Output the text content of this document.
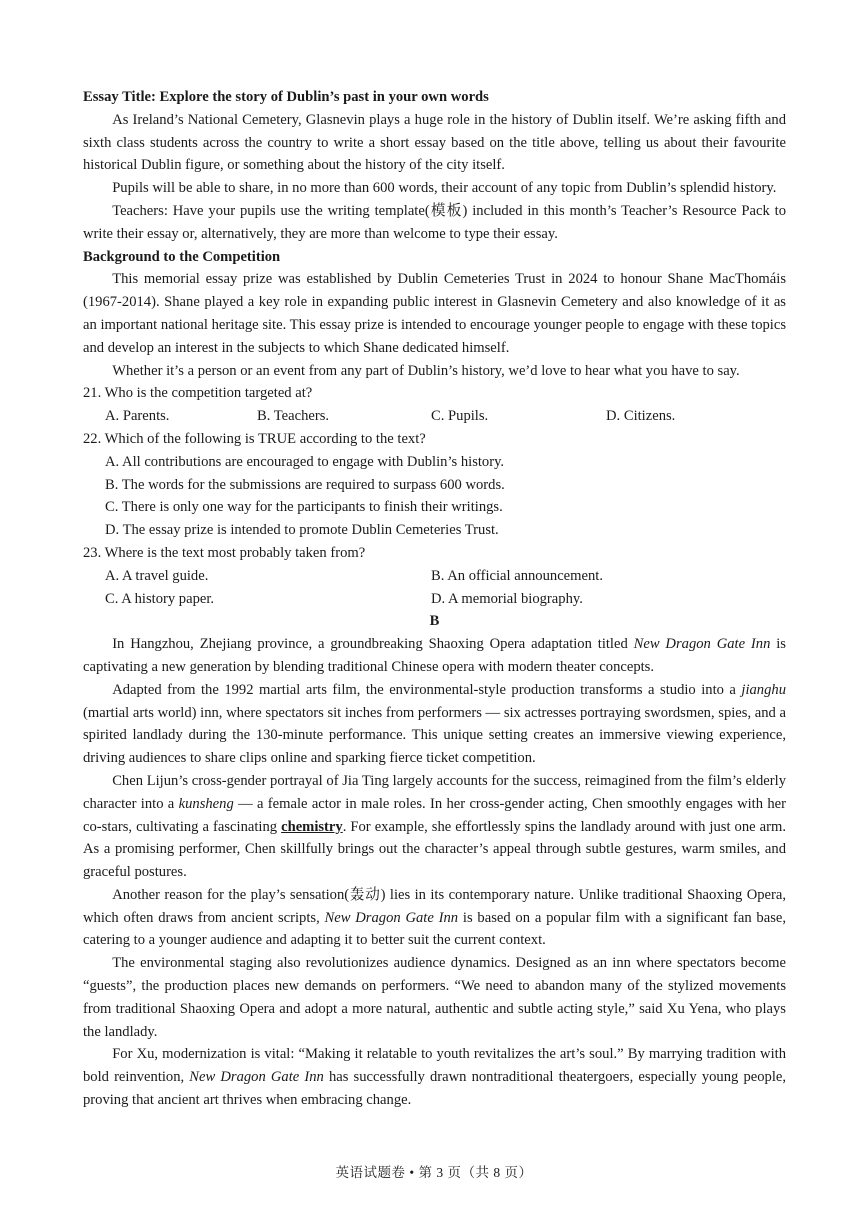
Essay Title: Explore the story of Dublin’s past in your own words

As Ireland’s National Cemetery, Glasnevin plays a huge role in the history of Dublin itself. We’re asking fifth and sixth class students across the country to write a short essay based on the title above, telling us about their favourite historical Dublin figure, or something about the history of the city itself.

Pupils will be able to share, in no more than 600 words, their account of any topic from Dublin’s splendid history.

Teachers: Have your pupils use the writing template(模板) included in this month’s Teacher’s Resource Pack to write their essay or, alternatively, they are more than welcome to type their essay.

Background to the Competition

This memorial essay prize was established by Dublin Cemeteries Trust in 2024 to honour Shane MacThomáis (1967-2014). Shane played a key role in expanding public interest in Glasnevin Cemetery and also knowledge of it as an important national heritage site. This essay prize is intended to encourage younger people to engage with these topics and develop an interest in the subjects to which Shane dedicated himself.

Whether it’s a person or an event from any part of Dublin’s history, we’d love to hear what you have to say.

21. Who is the competition targeted at?

A. Parents.	B. Teachers.	C. Pupils.	D. Citizens.

22. Which of the following is TRUE according to the text?

A. All contributions are encouraged to engage with Dublin’s history.
B. The words for the submissions are required to surpass 600 words.
C. There is only one way for the participants to finish their writings.
D. The essay prize is intended to promote Dublin Cemeteries Trust.

23. Where is the text most probably taken from?

A. A travel guide.	B. An official announcement.
C. A history paper.	D. A memorial biography.
B

In Hangzhou, Zhejiang province, a groundbreaking Shaoxing Opera adaptation titled New Dragon Gate Inn is captivating a new generation by blending traditional Chinese opera with modern theater concepts.

Adapted from the 1992 martial arts film, the environmental-style production transforms a studio into a jianghu (martial arts world) inn, where spectators sit inches from performers — six actresses portraying swordsmen, spies, and a spirited landlady during the 130-minute performance. This unique setting creates an immersive viewing experience, driving audiences to share clips online and sparking fierce ticket competition.

Chen Lijun’s cross-gender portrayal of Jia Ting largely accounts for the success, reimagined from the film’s elderly character into a kunsheng — a female actor in male roles. In her cross-gender acting, Chen smoothly engages with her co-stars, cultivating a fascinating chemistry. For example, she effortlessly spins the landlady around with just one arm. As a promising performer, Chen skillfully brings out the character’s appeal through subtle gestures, warm smiles, and graceful postures.

Another reason for the play’s sensation(轰动) lies in its contemporary nature. Unlike traditional Shaoxing Opera, which often draws from ancient scripts, New Dragon Gate Inn is based on a popular film with a significant fan base, catering to a younger audience and adapting it to better suit the current context.

The environmental staging also revolutionizes audience dynamics. Designed as an inn where spectators become “guests”, the production places new demands on performers. “We need to abandon many of the stylized movements from traditional Shaoxing Opera and adopt a more natural, authentic and subtle acting style,” said Xu Yena, who plays the landlady.

For Xu, modernization is vital: “Making it relatable to youth revitalizes the art’s soul.” By marrying tradition with bold reinvention, New Dragon Gate Inn has successfully drawn nontraditional theatergoers, especially young people, proving that ancient art thrives when embracing change.

英语试题卷 • 第 3 页（共 8 页）
